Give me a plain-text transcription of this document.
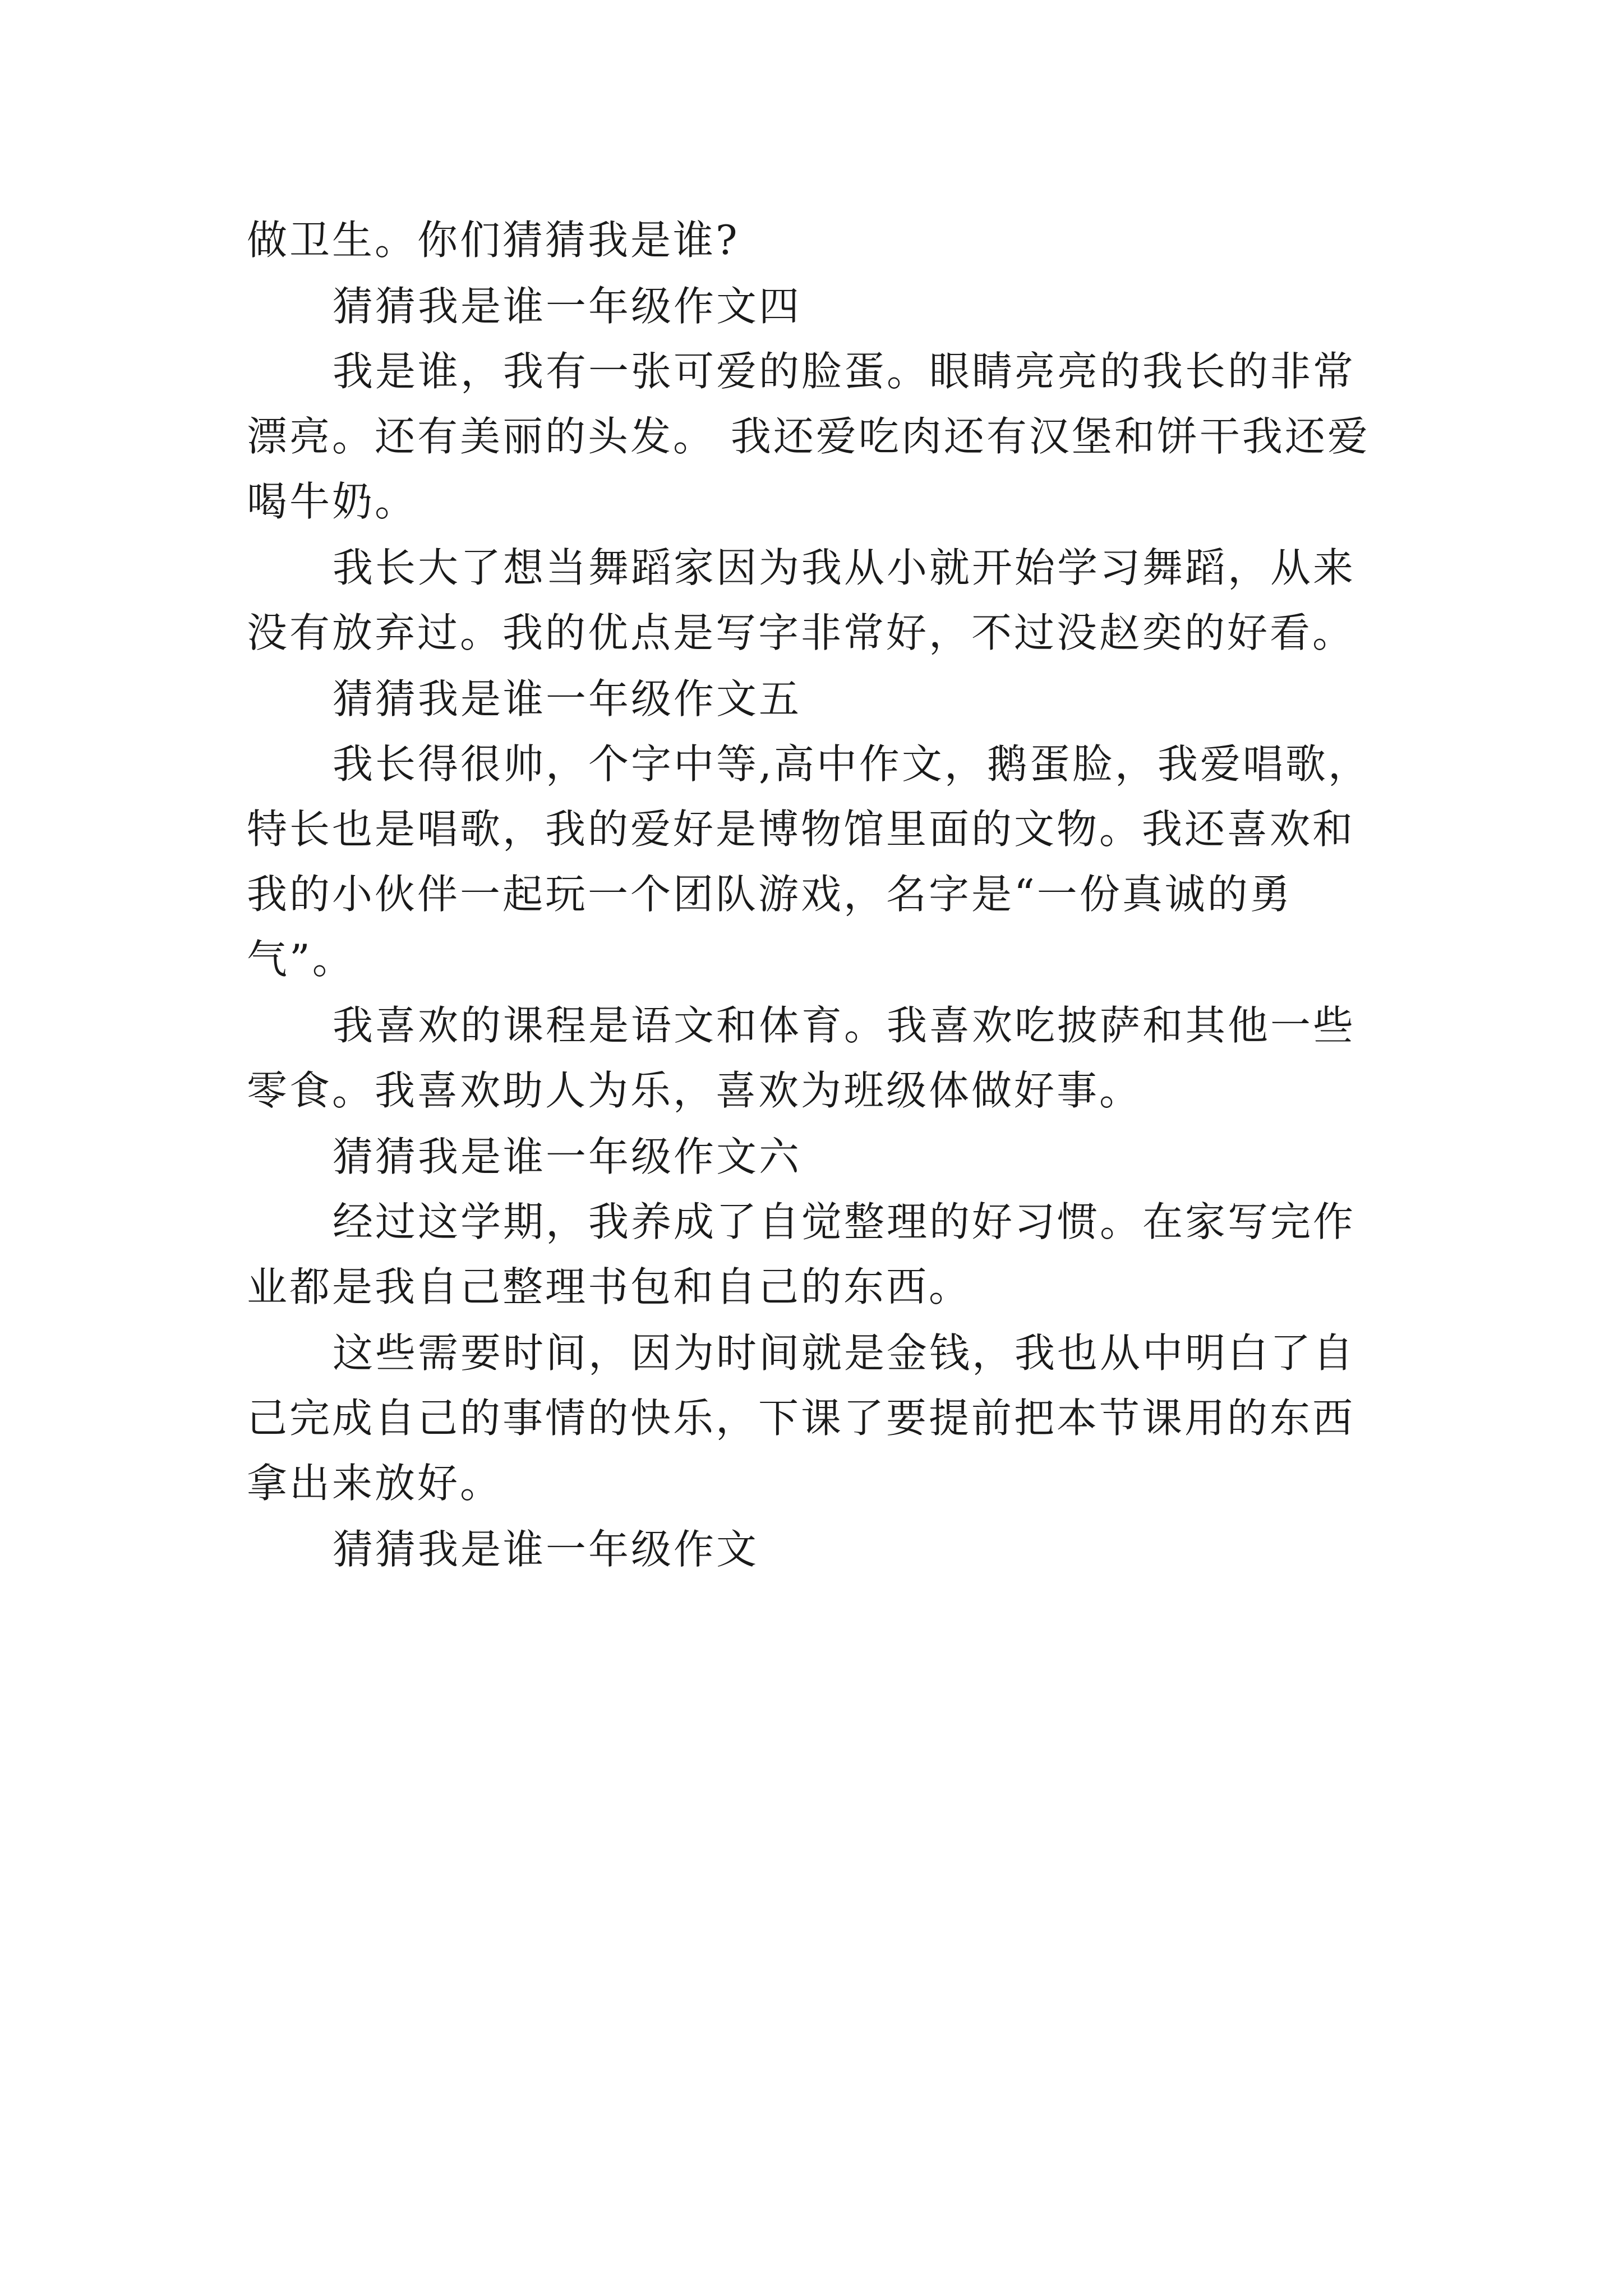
做卫生。你们猜猜我是谁?

猜猜我是谁一年级作文四

我是谁，我有一张可爱的脸蛋。眼睛亮亮的我长的非常漂亮。还有美丽的头发。 我还爱吃肉还有汉堡和饼干我还爱喝牛奶。

我长大了想当舞蹈家因为我从小就开始学习舞蹈，从来没有放弃过。我的优点是写字非常好，不过没赵奕的好看。

猜猜我是谁一年级作文五

我长得很帅，个字中等,高中作文，鹅蛋脸，我爱唱歌，特长也是唱歌，我的爱好是博物馆里面的文物。我还喜欢和我的小伙伴一起玩一个团队游戏，名字是“一份真诚的勇气”。

我喜欢的课程是语文和体育。我喜欢吃披萨和其他一些零食。我喜欢助人为乐，喜欢为班级体做好事。

猜猜我是谁一年级作文六

经过这学期，我养成了自觉整理的好习惯。在家写完作业都是我自己整理书包和自己的东西。

这些需要时间，因为时间就是金钱，我也从中明白了自己完成自己的事情的快乐，下课了要提前把本节课用的东西拿出来放好。

猜猜我是谁一年级作文
